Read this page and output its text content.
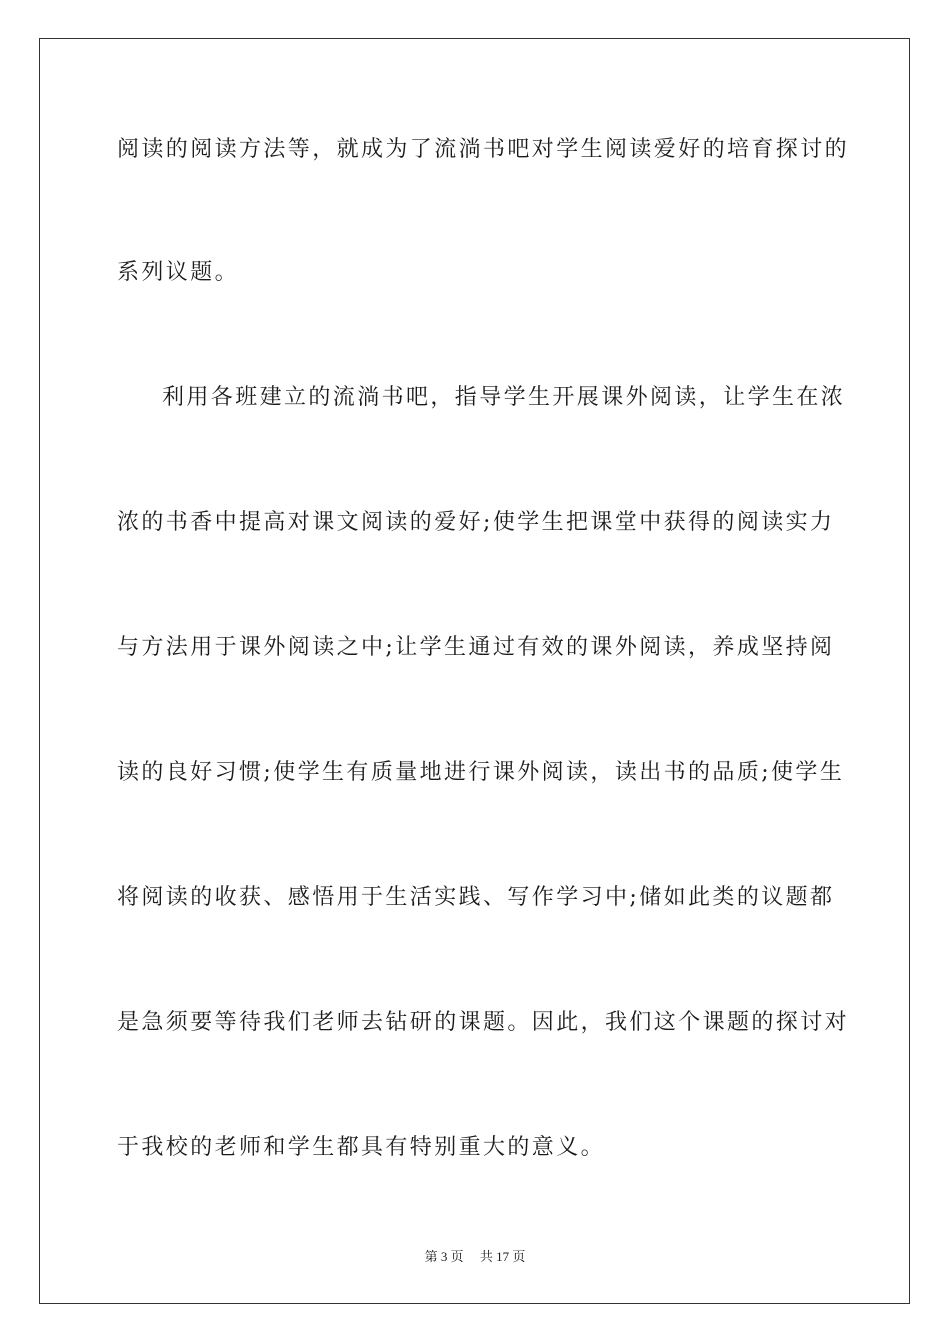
阅读的阅读方法等，就成为了流淌书吧对学生阅读爱好的培育探讨的
系列议题。
利用各班建立的流淌书吧，指导学生开展课外阅读，让学生在浓
浓的书香中提高对课文阅读的爱好;使学生把课堂中获得的阅读实力
与方法用于课外阅读之中;让学生通过有效的课外阅读，养成坚持阅
读的良好习惯;使学生有质量地进行课外阅读，读出书的品质;使学生
将阅读的收获、感悟用于生活实践、写作学习中;储如此类的议题都
是急须要等待我们老师去钻研的课题。因此，我们这个课题的探讨对
于我校的老师和学生都具有特别重大的意义。
第 3 页　 共 17 页
